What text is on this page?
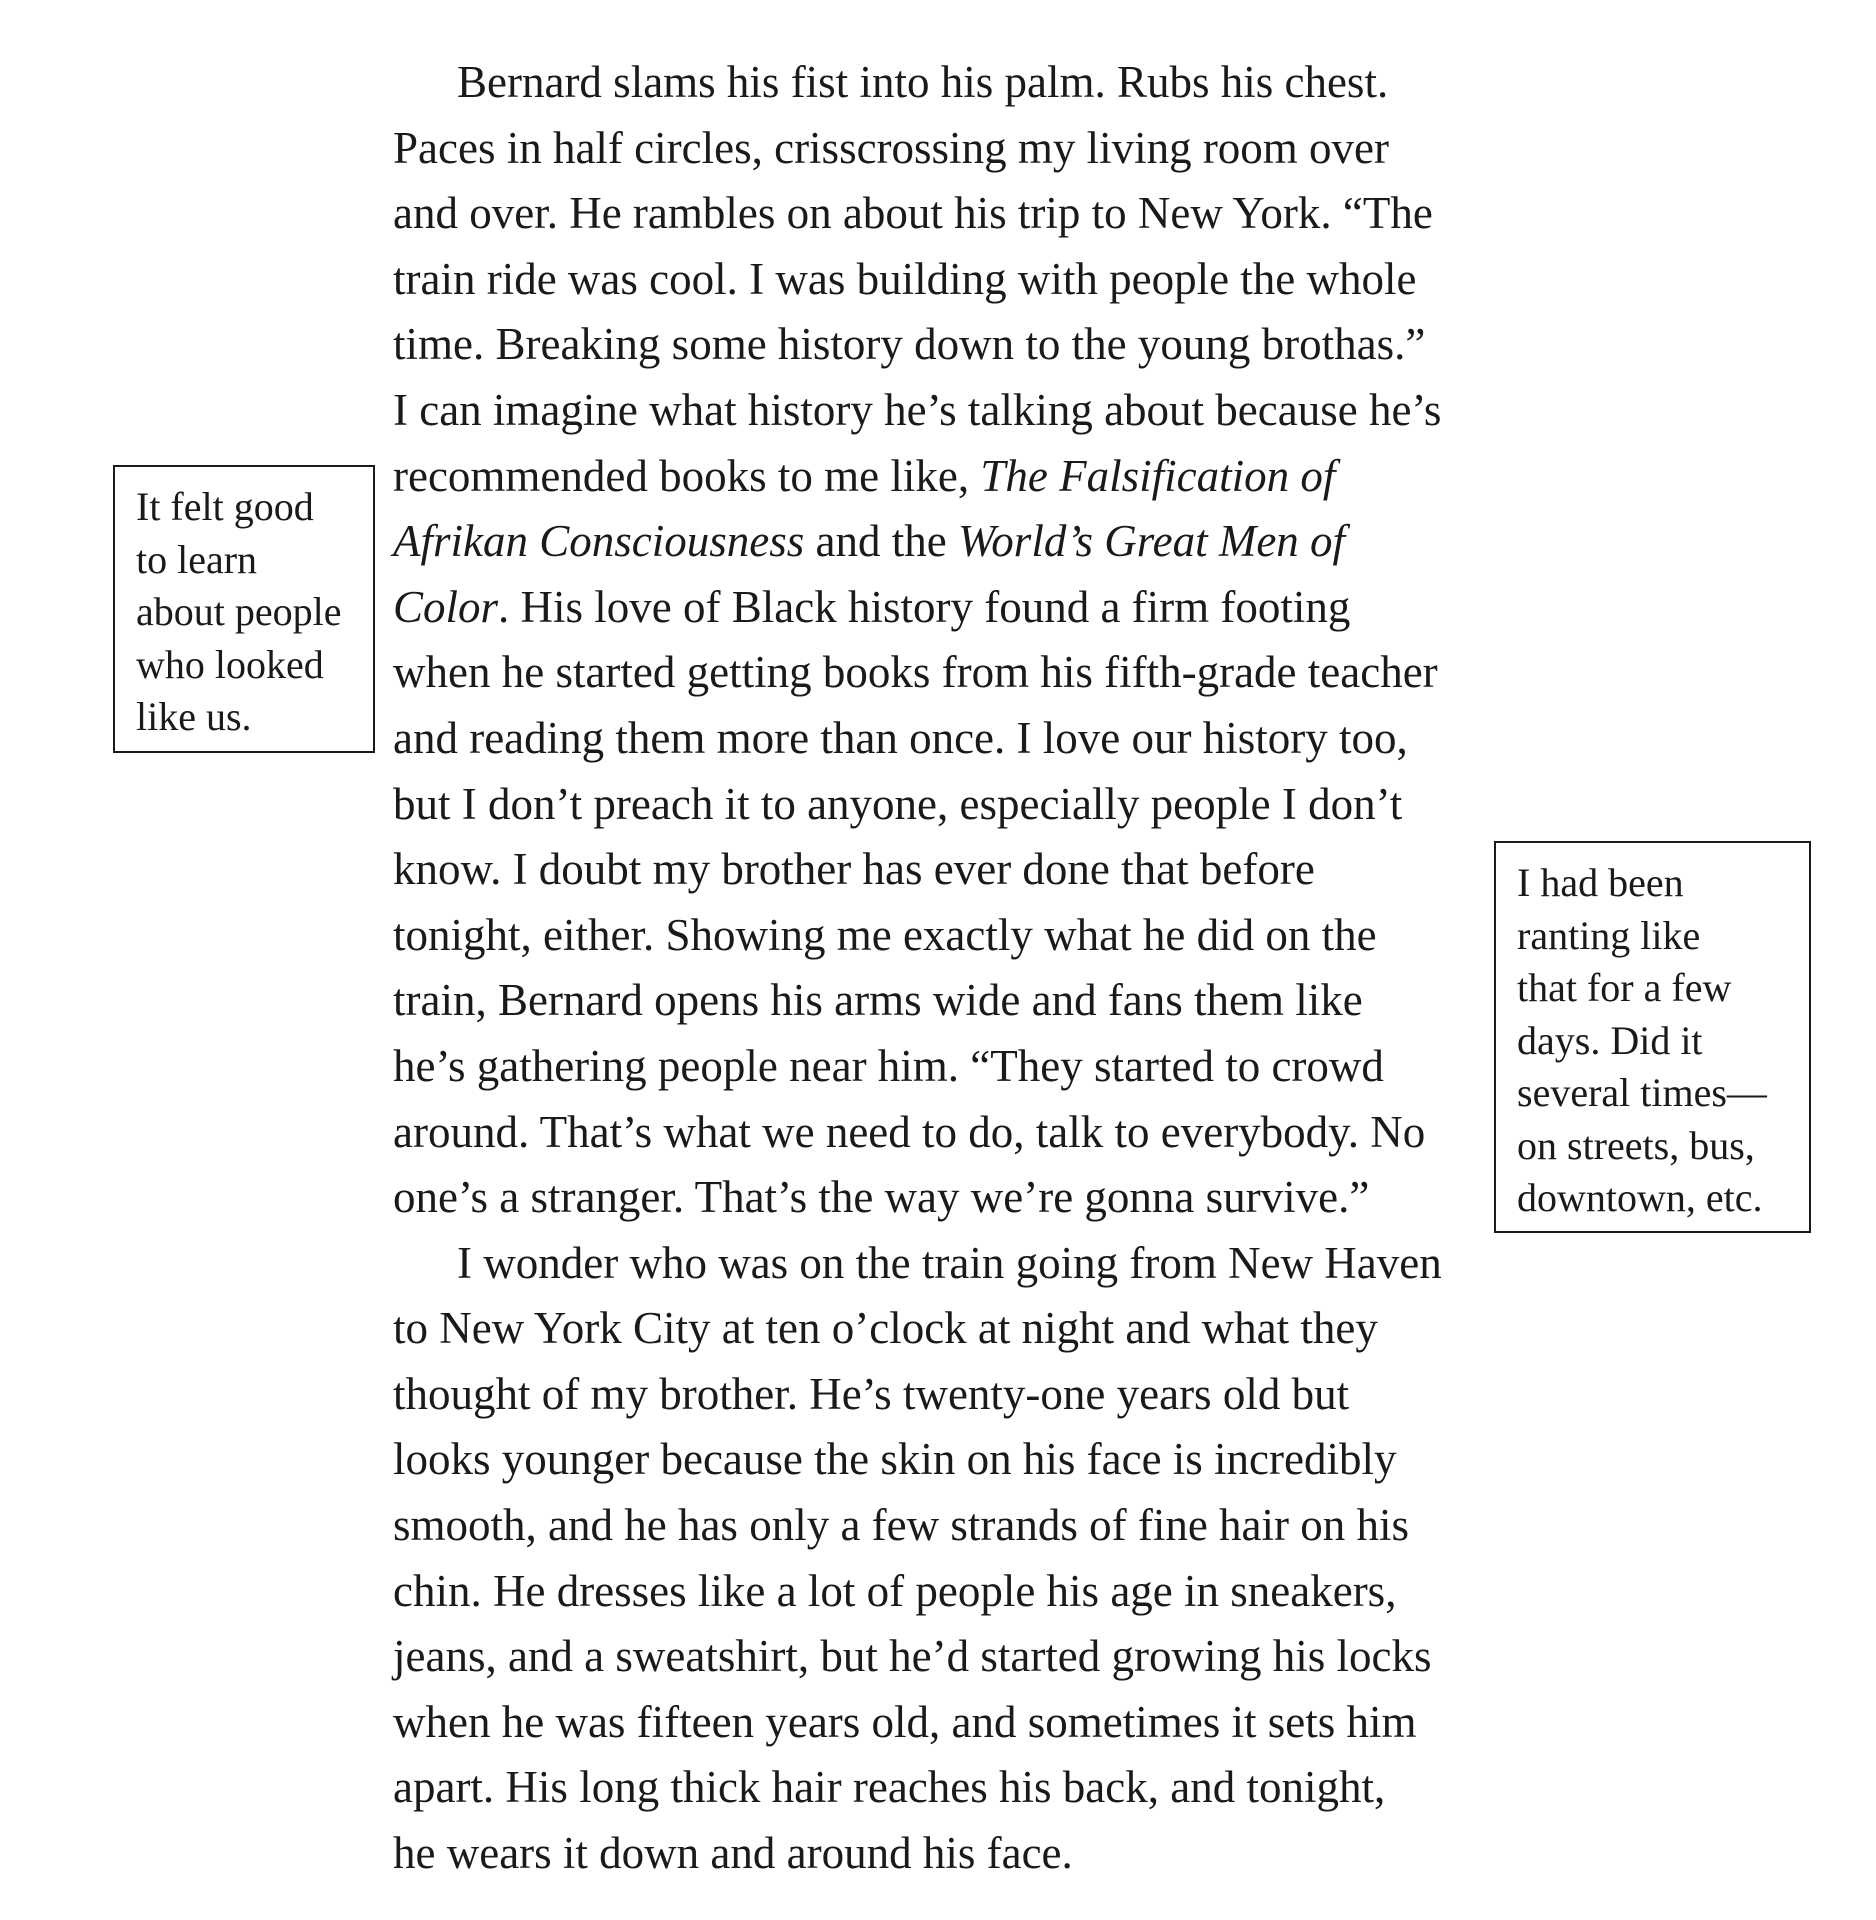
Bernard slams his fist into his palm. Rubs his chest.
Paces in half circles, crisscrossing my living room over
and over. He rambles on about his trip to New York. “The
train ride was cool. I was building with people the whole
time. Breaking some history down to the young brothas.”
I can imagine what history he’s talking about because he’s
recommended books to me like, The Falsification of
Afrikan Consciousness and the World’s Great Men of
Color. His love of Black history found a firm footing
when he started getting books from his fifth-grade teacher
and reading them more than once. I love our history too,
but I don’t preach it to anyone, especially people I don’t
know. I doubt my brother has ever done that before
tonight, either. Showing me exactly what he did on the
train, Bernard opens his arms wide and fans them like
he’s gathering people near him. “They started to crowd
around. That’s what we need to do, talk to everybody. No
one’s a stranger. That’s the way we’re gonna survive.”
I wonder who was on the train going from New Haven
to New York City at ten o’clock at night and what they
thought of my brother. He’s twenty-one years old but
looks younger because the skin on his face is incredibly
smooth, and he has only a few strands of fine hair on his
chin. He dresses like a lot of people his age in sneakers,
jeans, and a sweatshirt, but he’d started growing his locks
when he was fifteen years old, and sometimes it sets him
apart. His long thick hair reaches his back, and tonight,
he wears it down and around his face.
It felt good
to learn
about people
who looked
like us.
I had been
ranting like
that for a few
days. Did it
several times—
on streets, bus,
downtown, etc.
